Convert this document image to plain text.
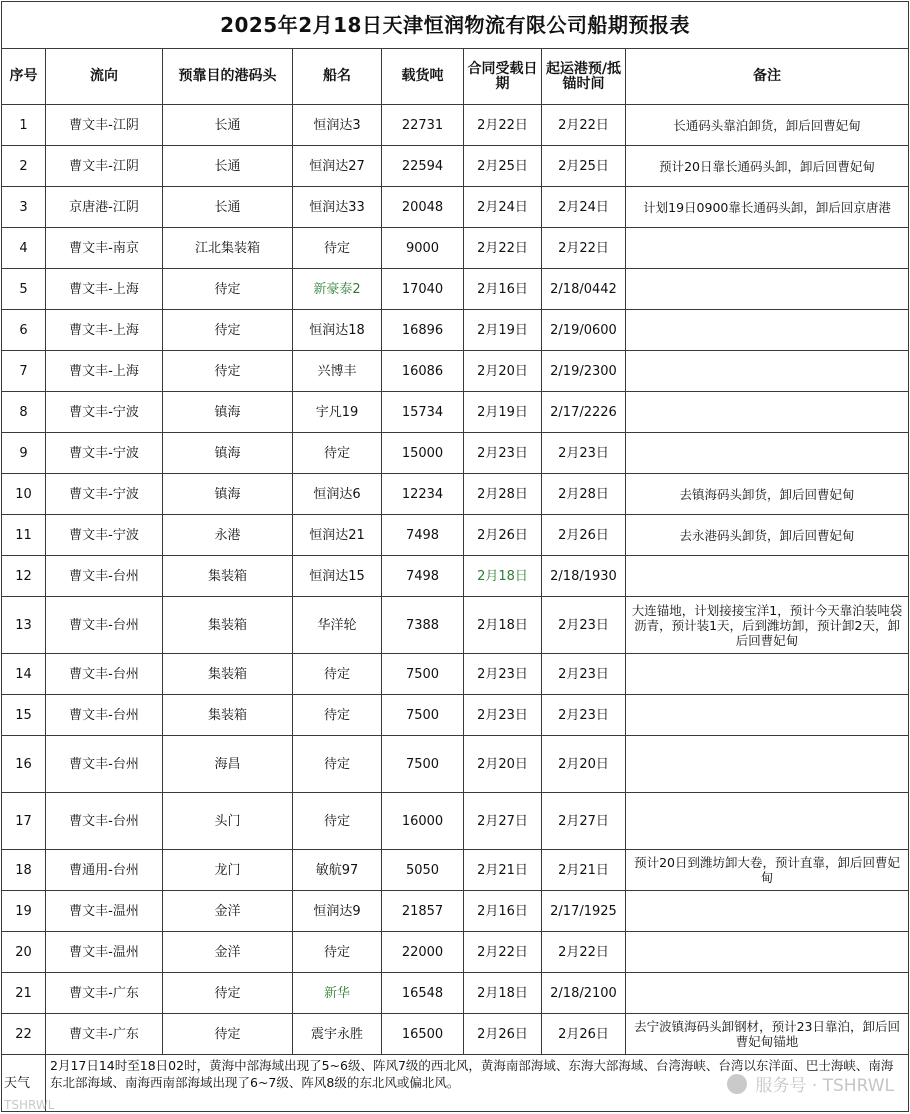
2025年2月18日天津恒润物流有限公司船期预报表							
序号	流向	预靠目的港码头	船名	载货吨	合同受载日期	起运港预/抵锚时间	备注
1	曹文丰-江阴	长通	恒润达3	22731	2月22日	2月22日	长通码头靠泊卸货，卸后回曹妃甸
2	曹文丰-江阴	长通	恒润达27	22594	2月25日	2月25日	预计20日靠长通码头卸，卸后回曹妃甸
3	京唐港-江阴	长通	恒润达33	20048	2月24日	2月24日	计划19日0900靠长通码头卸，卸后回京唐港
4	曹文丰-南京	江北集装箱	待定	9000	2月22日	2月22日	
5	曹文丰-上海	待定	新豪泰2	17040	2月16日	2/18/0442	
6	曹文丰-上海	待定	恒润达18	16896	2月19日	2/19/0600	
7	曹文丰-上海	待定	兴博丰	16086	2月20日	2/19/2300	
8	曹文丰-宁波	镇海	宇凡19	15734	2月19日	2/17/2226	
9	曹文丰-宁波	镇海	待定	15000	2月23日	2月23日	
10	曹文丰-宁波	镇海	恒润达6	12234	2月28日	2月28日	去镇海码头卸货，卸后回曹妃甸
11	曹文丰-宁波	永港	恒润达21	7498	2月26日	2月26日	去永港码头卸货，卸后回曹妃甸
12	曹文丰-台州	集装箱	恒润达15	7498	2月18日	2/18/1930	
13	曹文丰-台州	集装箱	华洋轮	7388	2月18日	2月23日	大连锚地，计划接接宝洋1，预计今天靠泊装吨袋沥青，预计装1天，后到潍坊卸，预计卸2天，卸后回曹妃甸
14	曹文丰-台州	集装箱	待定	7500	2月23日	2月23日	
15	曹文丰-台州	集装箱	待定	7500	2月23日	2月23日	
16	曹文丰-台州	海昌	待定	7500	2月20日	2月20日	
17	曹文丰-台州	头门	待定	16000	2月27日	2月27日	
18	曹通用-台州	龙门	敏航97	5050	2月21日	2月21日	预计20日到潍坊卸大卷，预计直靠，卸后回曹妃甸
19	曹文丰-温州	金洋	恒润达9	21857	2月16日	2/17/1925	
20	曹文丰-温州	金洋	待定	22000	2月22日	2月22日	
21	曹文丰-广东	待定	新华	16548	2月18日	2/18/2100	
22	曹文丰-广东	待定	震宇永胜	16500	2月26日	2月26日	去宁波镇海码头卸钢材，预计23日靠泊，卸后回曹妃甸锚地
天气	2月17日14时至18日02时，黄海中部海域出现了5~6级、阵风7级的西北风，黄海南部海域、东海大部海域、台湾海峡、台湾以东洋面、巴士海峡、南海东北部海域、南海西南部海域出现了6~7级、阵风8级的东北风或偏北风。	服务号 · TSHRWL
TSHRWL
